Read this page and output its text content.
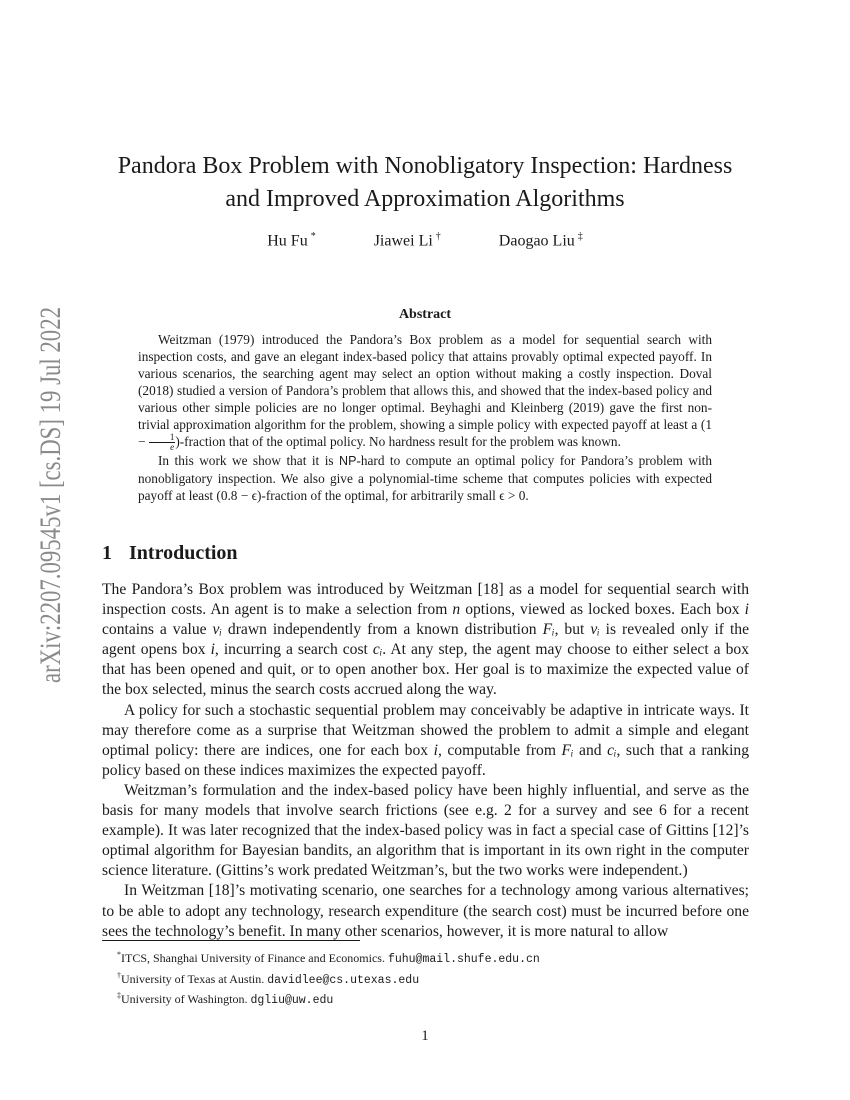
arXiv:2207.09545v1 [cs.DS] 19 Jul 2022
Pandora Box Problem with Nonobligatory Inspection: Hardness
and Improved Approximation Algorithms
Hu Fu *	Jiawei Li †	Daogao Liu ‡
Abstract

Weitzman (1979) introduced the Pandora’s Box problem as a model for sequential search with inspection costs, and gave an elegant index-based policy that attains provably optimal expected payoff. In various scenarios, the searching agent may select an option without making a costly inspection. Doval (2018) studied a version of Pandora’s problem that allows this, and showed that the index-based policy and various other simple policies are no longer optimal. Beyhaghi and Kleinberg (2019) gave the first non-trivial approximation algorithm for the problem, showing a simple policy with expected payoff at least a ($1 - \frac{1}{e}$ )-fraction that of the optimal policy. No hardness result for the problem was known.

In this work we show that it is NP-hard to compute an optimal policy for Pandora’s problem with nonobligatory inspection. We also give a polynomial-time scheme that computes policies with expected payoff at least (0.8 − ϵ)-fraction of the optimal, for arbitrarily small ϵ > 0.

1 Introduction

The Pandora’s Box problem was introduced by Weitzman [18] as a model for sequential search with inspection costs. An agent is to make a selection from n options, viewed as locked boxes. Each box i contains a value vᵢ drawn independently from a known distribution Fᵢ, but vᵢ is revealed only if the agent opens box i, incurring a search cost cᵢ. At any step, the agent may choose to either select a box that has been opened and quit, or to open another box. Her goal is to maximize the expected value of the box selected, minus the search costs accrued along the way.

A policy for such a stochastic sequential problem may conceivably be adaptive in intricate ways. It may therefore come as a surprise that Weitzman showed the problem to admit a simple and elegant optimal policy: there are indices, one for each box i, computable from Fᵢ and cᵢ, such that a ranking policy based on these indices maximizes the expected payoff.

Weitzman’s formulation and the index-based policy have been highly influential, and serve as the basis for many models that involve search frictions (see e.g. 2 for a survey and see 6 for a recent example). It was later recognized that the index-based policy was in fact a special case of Gittins [12]’s optimal algorithm for Bayesian bandits, an algorithm that is important in its own right in the computer science literature. (Gittins’s work predated Weitzman’s, but the two works were independent.)

In Weitzman [18]’s motivating scenario, one searches for a technology among various alternatives; to be able to adopt any technology, research expenditure (the search cost) must be incurred before one sees the technology’s benefit. In many other scenarios, however, it is more natural to allow

*ITCS, Shanghai University of Finance and Economics. fuhu@mail.shufe.edu.cn
†University of Texas at Austin. davidlee@cs.utexas.edu
‡University of Washington. dgliu@uw.edu
1
